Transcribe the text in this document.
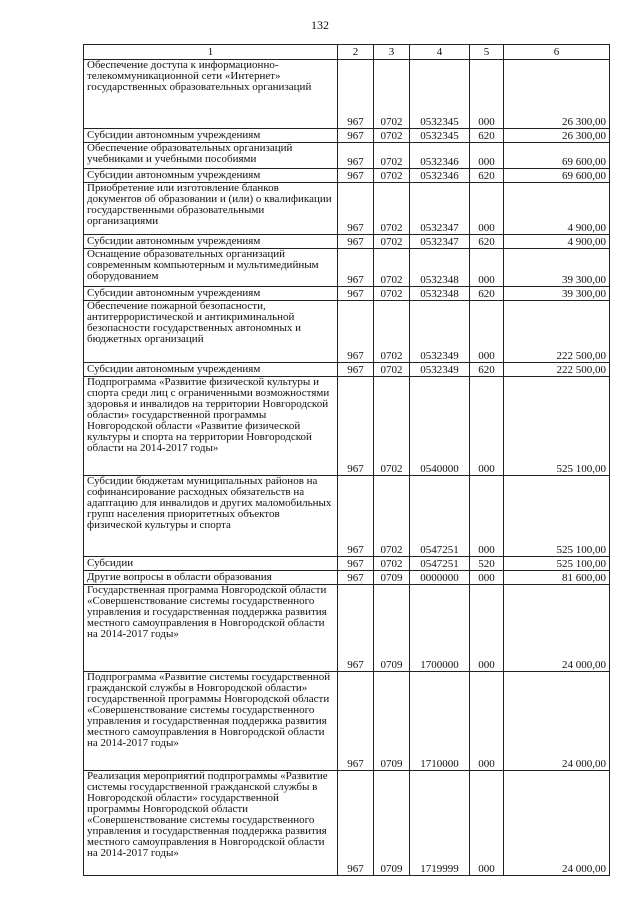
132
1	2	3	4	5	6
Обеспечение доступа к информационно-телекоммуникационной сети «Интернет» государственных образовательных организаций	967	0702	0532345	000	26 300,00
Субсидии автономным учреждениям	967	0702	0532345	620	26 300,00
Обеспечение образовательных организаций учебниками и учебными пособиями	967	0702	0532346	000	69 600,00
Субсидии автономным учреждениям	967	0702	0532346	620	69 600,00
Приобретение или изготовление бланков документов об образовании и (или) о квалификации государственными образовательными организациями	967	0702	0532347	000	4 900,00
Субсидии автономным учреждениям	967	0702	0532347	620	4 900,00
Оснащение образовательных организаций современным компьютерным и мультимедийным оборудованием	967	0702	0532348	000	39 300,00
Субсидии автономным учреждениям	967	0702	0532348	620	39 300,00
Обеспечение пожарной безопасности, антитеррористической и антикриминальной безопасности государственных автономных и бюджетных организаций	967	0702	0532349	000	222 500,00
Субсидии автономным учреждениям	967	0702	0532349	620	222 500,00
Подпрограмма «Развитие физической культуры и спорта среди лиц с ограниченными возможностями здоровья и инвалидов на территории Новгородской области» государственной программы Новгородской области «Развитие физической культуры и спорта на территории Новгородской области на 2014-2017 годы»	967	0702	0540000	000	525 100,00
Субсидии бюджетам муниципальных районов на софинансирование расходных обязательств на адаптацию для инвалидов и других маломобильных групп населения приоритетных объектов физической культуры и спорта	967	0702	0547251	000	525 100,00
Субсидии	967	0702	0547251	520	525 100,00
Другие вопросы в области образования	967	0709	0000000	000	81 600,00
Государственная программа Новгородской области «Совершенствование системы государственного управления и государственная поддержка развития местного самоуправления в Новгородской области на 2014-2017 годы»	967	0709	1700000	000	24 000,00
Подпрограмма «Развитие системы государственной гражданской службы в Новгородской области» государственной программы Новгородской области «Совершенствование системы государственного управления и государственная поддержка развития местного самоуправления в Новгородской области на 2014-2017 годы»	967	0709	1710000	000	24 000,00
Реализация мероприятий подпрограммы «Развитие системы государственной гражданской службы в Новгородской области» государственной программы Новгородской области «Совершенствование системы государственного управления и государственная поддержка развития местного самоуправления в Новгородской области на 2014-2017 годы»	967	0709	1719999	000	24 000,00
